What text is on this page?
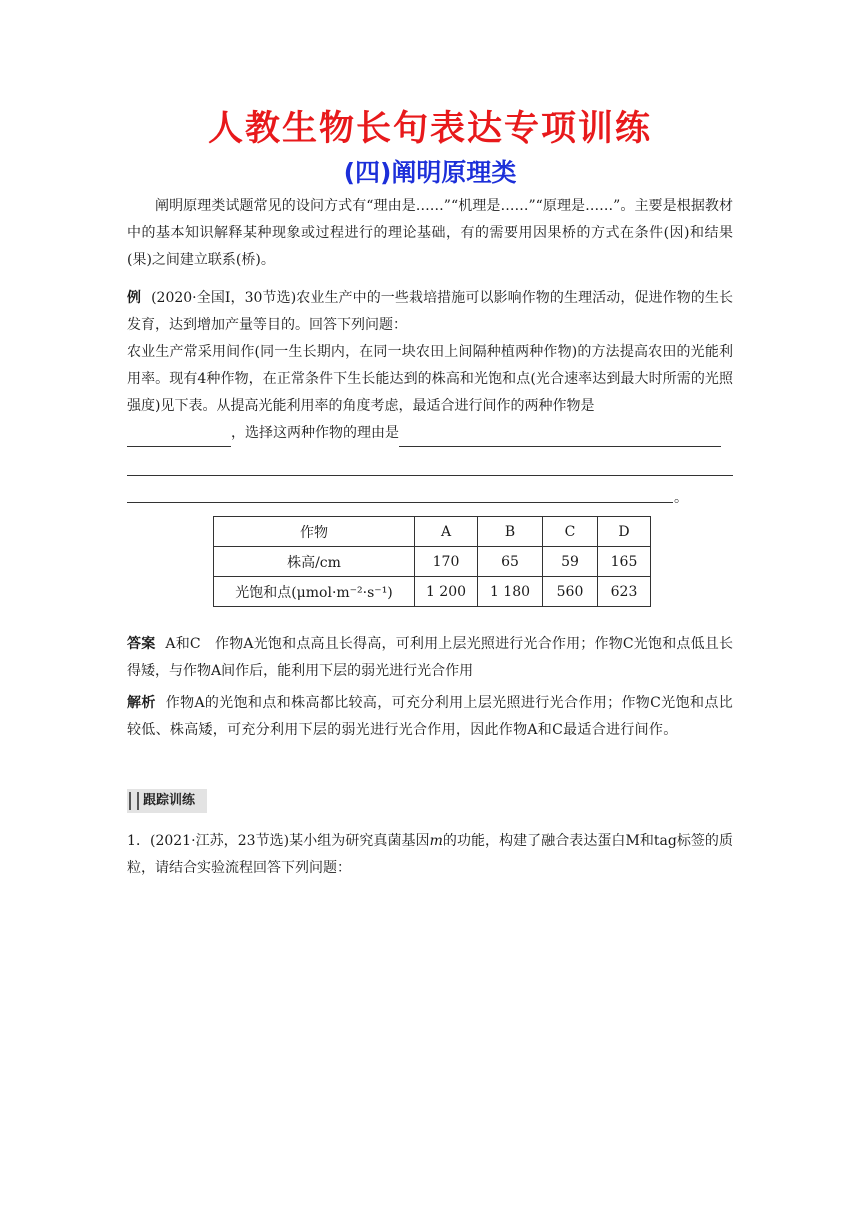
人教生物长句表达专项训练
(四)阐明原理类

阐明原理类试题常见的设问方式有“理由是……”“机理是……”“原理是……”。主要是根据教材中的基本知识解释某种现象或过程进行的理论基础，有的需要用因果桥的方式在条件(因)和结果(果)之间建立联系(桥)。

例 (2020·全国Ⅰ，30节选)农业生产中的一些栽培措施可以影响作物的生理活动，促进作物的生长发育，达到增加产量等目的。回答下列问题：

农业生产常采用间作(同一生长期内，在同一块农田上间隔种植两种作物)的方法提高农田的光能利用率。现有4种作物，在正常条件下生长能达到的株高和光饱和点(光合速率达到最大时所需的光照强度)见下表。从提高光能利用率的角度考虑，最适合进行间作的两种作物是
，选择这两种作物的理由是

。
作物	A	B	C	D
株高/cm	170	65	59	165
光饱和点(μmol·m⁻²·s⁻¹)	1 200	1 180	560	623

答案 A和C　作物A光饱和点高且长得高，可利用上层光照进行光合作用；作物C光饱和点低且长得矮，与作物A间作后，能利用下层的弱光进行光合作用

解析 作物A的光饱和点和株高都比较高，可充分利用上层光照进行光合作用；作物C光饱和点比较低、株高矮，可充分利用下层的弱光进行光合作用，因此作物A和C最适合进行间作。

跟踪训练

1．(2021·江苏，23节选)某小组为研究真菌基因m的功能，构建了融合表达蛋白M和tag标签的质粒，请结合实验流程回答下列问题：
